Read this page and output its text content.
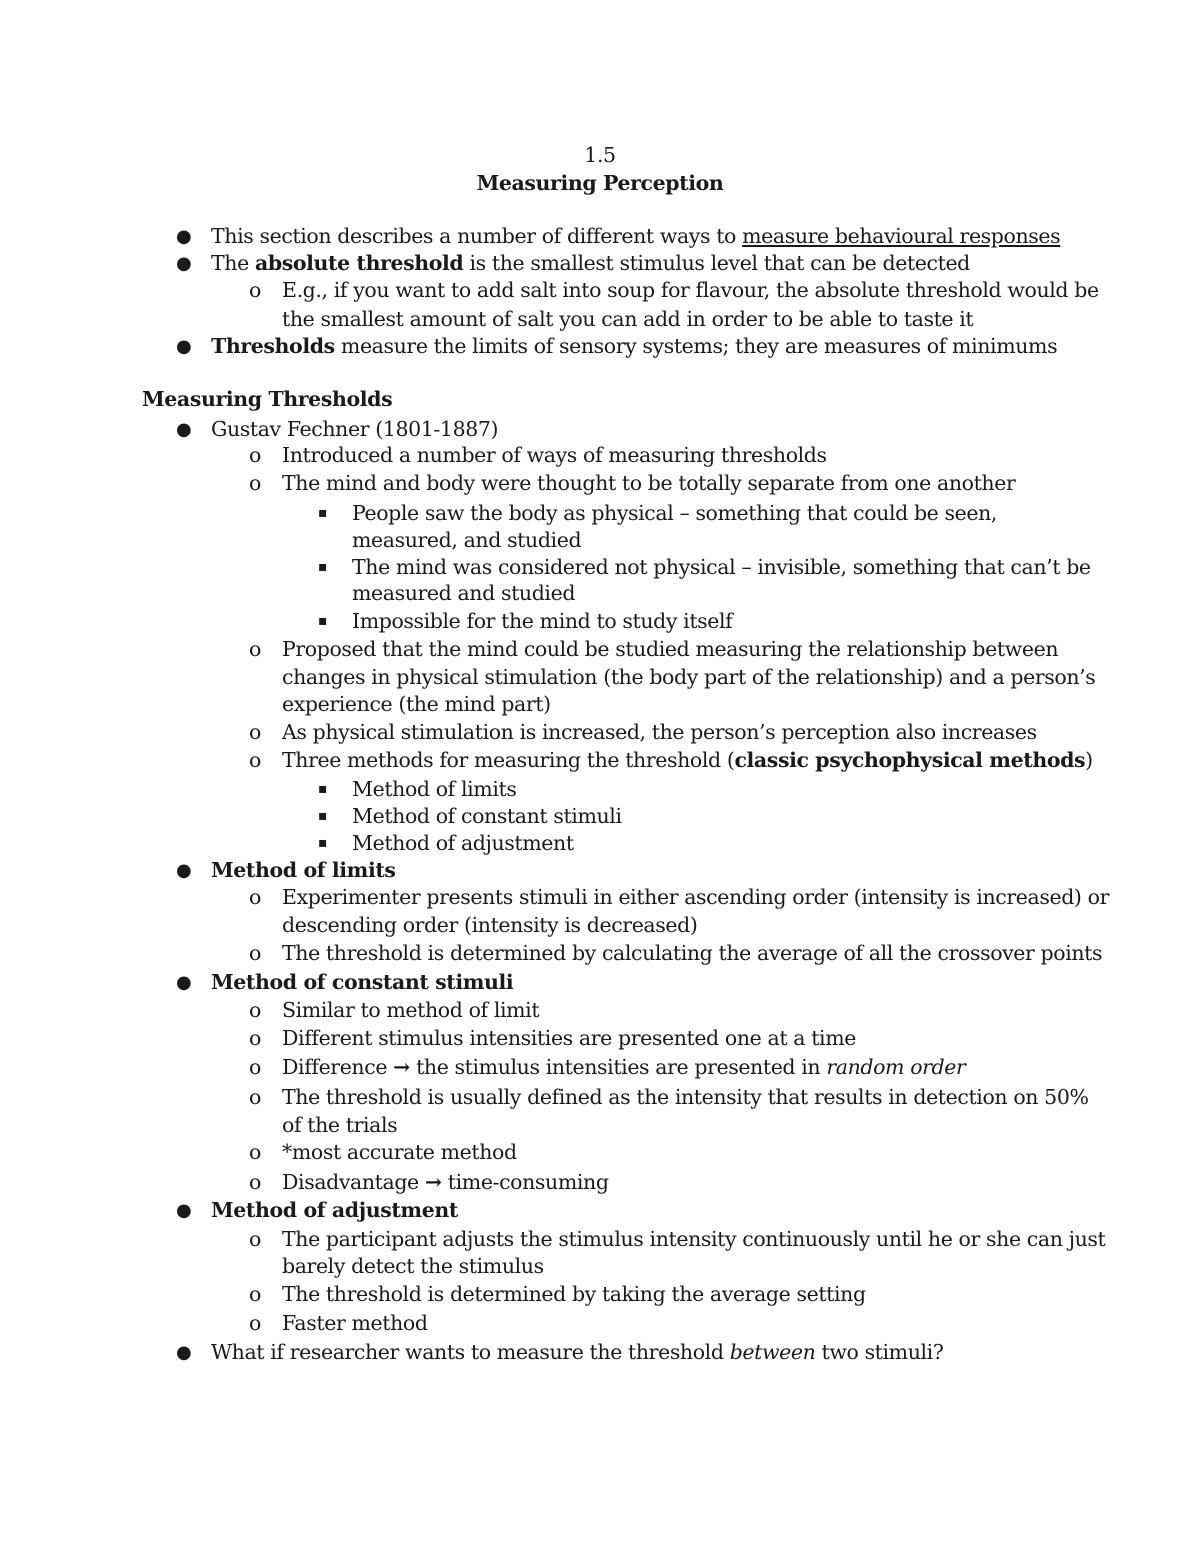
1.5
Measuring Perception
● This section describes a number of different ways to measure behavioural responses
● The absolute threshold is the smallest stimulus level that can be detected
o E.g., if you want to add salt into soup for flavour, the absolute threshold would be
the smallest amount of salt you can add in order to be able to taste it
● Thresholds measure the limits of sensory systems; they are measures of minimums
Measuring Thresholds
● Gustav Fechner (1801-1887)
o Introduced a number of ways of measuring thresholds
o The mind and body were thought to be totally separate from one another
▪ People saw the body as physical – something that could be seen,
measured, and studied
▪ The mind was considered not physical – invisible, something that can’t be
measured and studied
▪ Impossible for the mind to study itself
o Proposed that the mind could be studied measuring the relationship between
changes in physical stimulation (the body part of the relationship) and a person’s
experience (the mind part)
o As physical stimulation is increased, the person’s perception also increases
o Three methods for measuring the threshold (classic psychophysical methods)
▪ Method of limits
▪ Method of constant stimuli
▪ Method of adjustment
● Method of limits
o Experimenter presents stimuli in either ascending order (intensity is increased) or
descending order (intensity is decreased)
o The threshold is determined by calculating the average of all the crossover points
● Method of constant stimuli
o Similar to method of limit
o Different stimulus intensities are presented one at a time
o Difference → the stimulus intensities are presented in random order
o The threshold is usually defined as the intensity that results in detection on 50%
of the trials
o *most accurate method
o Disadvantage → time-consuming
● Method of adjustment
o The participant adjusts the stimulus intensity continuously until he or she can just
barely detect the stimulus
o The threshold is determined by taking the average setting
o Faster method
● What if researcher wants to measure the threshold between two stimuli?
